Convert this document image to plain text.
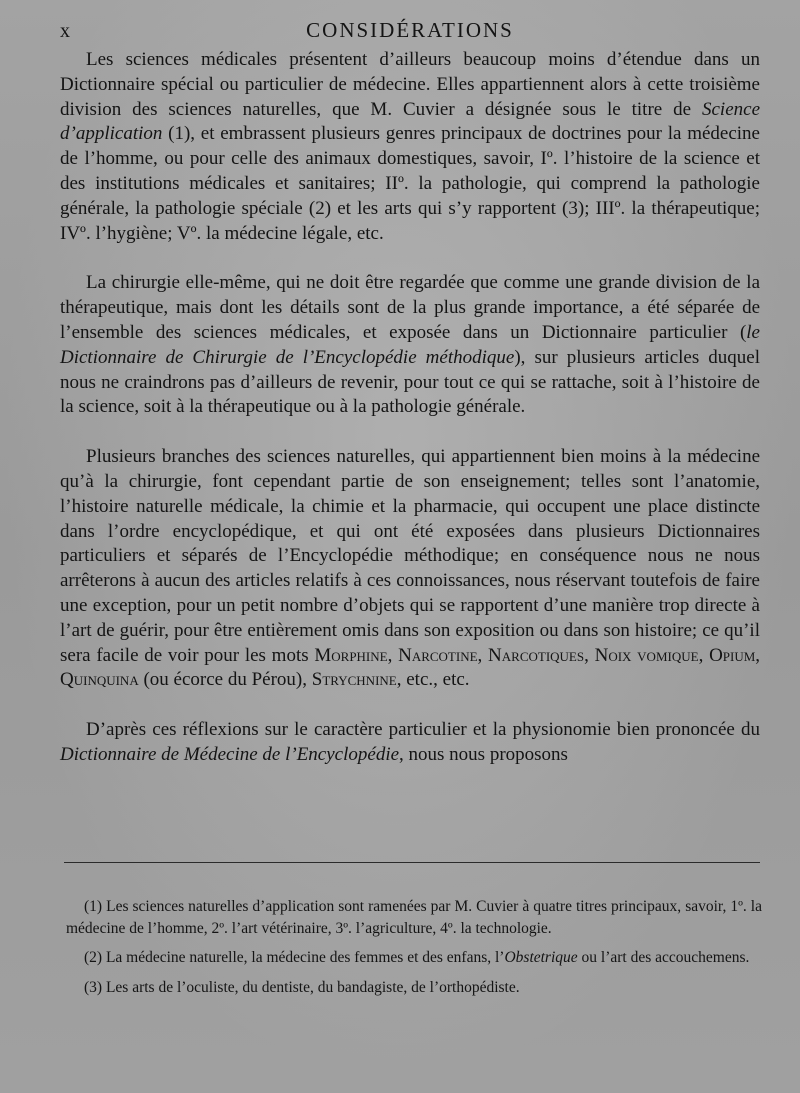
x	CONSIDÉRATIONS

Les sciences médicales présentent d’ailleurs beaucoup moins d’étendue dans un Dictionnaire spécial ou particulier de médecine. Elles appartiennent alors à cette troisième division des sciences naturelles, que M. Cuvier a désignée sous le titre de Science d’application (1), et embrassent plusieurs genres principaux de doctrines pour la médecine de l’homme, ou pour celle des animaux domestiques, savoir, Iº. l’histoire de la science et des institutions médicales et sanitaires; IIº. la pathologie, qui comprend la pathologie générale, la pathologie spéciale (2) et les arts qui s’y rapportent (3); IIIº. la thérapeutique; IVº. l’hygiène; Vº. la médecine légale, etc.

La chirurgie elle-même, qui ne doit être regardée que comme une grande division de la thérapeutique, mais dont les détails sont de la plus grande importance, a été séparée de l’ensemble des sciences médicales, et exposée dans un Dictionnaire particulier (le Dictionnaire de Chirurgie de l’Encyclopédie méthodique), sur plusieurs articles duquel nous ne craindrons pas d’ailleurs de revenir, pour tout ce qui se rattache, soit à l’histoire de la science, soit à la thérapeutique ou à la pathologie générale.

Plusieurs branches des sciences naturelles, qui appartiennent bien moins à la médecine qu’à la chirurgie, font cependant partie de son enseignement; telles sont l’anatomie, l’histoire naturelle médicale, la chimie et la pharmacie, qui occupent une place distincte dans l’ordre encyclopédique, et qui ont été exposées dans plusieurs Dictionnaires particuliers et séparés de l’Encyclopédie méthodique; en conséquence nous ne nous arrêterons à aucun des articles relatifs à ces connoissances, nous réservant toutefois de faire une exception, pour un petit nombre d’objets qui se rapportent d’une manière trop directe à l’art de guérir, pour être entièrement omis dans son exposition ou dans son histoire; ce qu’il sera facile de voir pour les mots Morphine, Narcotine, Narcotiques, Noix vomique, Opium, Quinquina (ou écorce du Pérou), Strychnine, etc., etc.

D’après ces réflexions sur le caractère particulier et la physionomie bien prononcée du Dictionnaire de Médecine de l’Encyclopédie, nous nous proposons

(1) Les sciences naturelles d’application sont ramenées par M. Cuvier à quatre titres principaux, savoir, 1º. la médecine de l’homme, 2º. l’art vétérinaire, 3º. l’agriculture, 4º. la technologie.

(2) La médecine naturelle, la médecine des femmes et des enfans, l’Obstetrique ou l’art des accouchemens.

(3) Les arts de l’oculiste, du dentiste, du bandagiste, de l’orthopédiste.
